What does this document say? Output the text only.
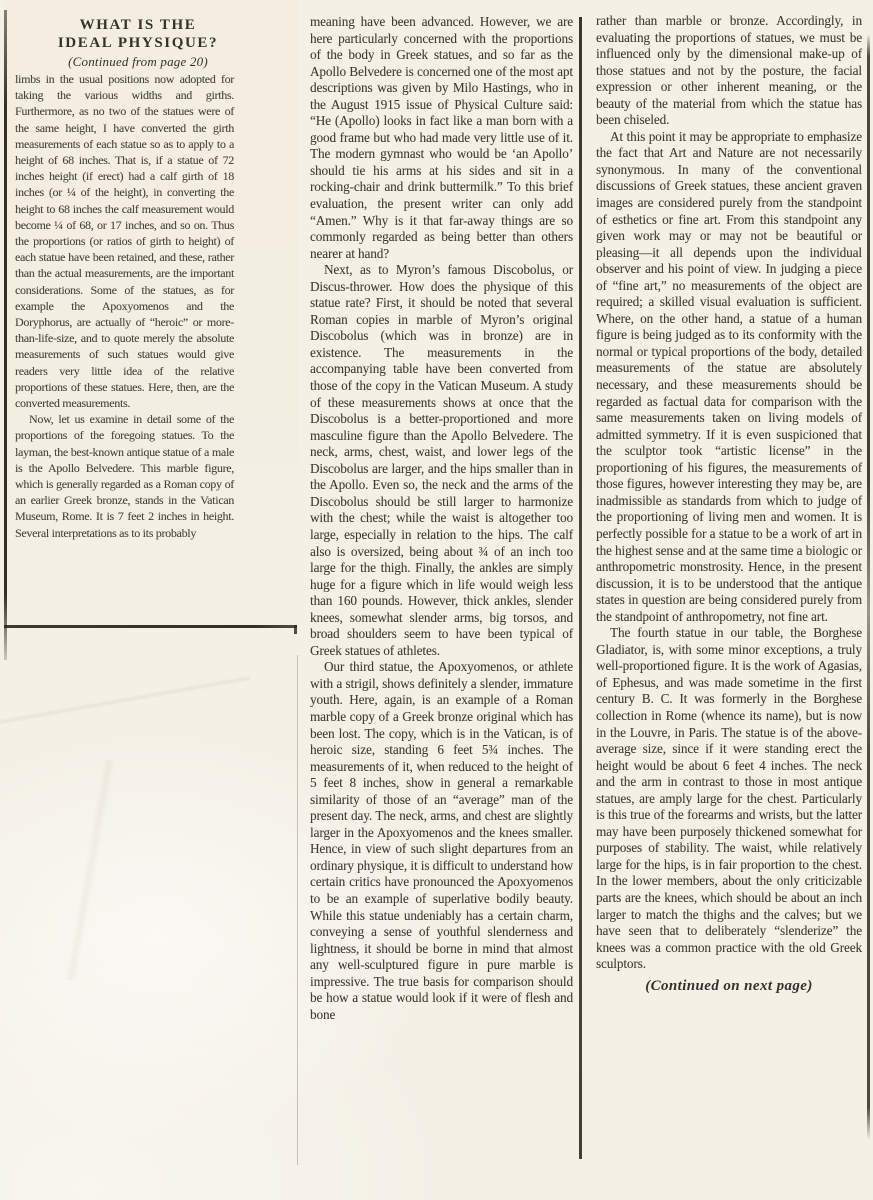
WHAT IS THE
IDEAL PHYSIQUE?
(Continued from page 20)

limbs in the usual positions now adopted for taking the various widths and girths. Furthermore, as no two of the statues were of the same height, I have converted the girth measurements of each statue so as to apply to a height of 68 inches. That is, if a statue of 72 inches height (if erect) had a calf girth of 18 inches (or ¼ of the height), in converting the height to 68 inches the calf measurement would become ¼ of 68, or 17 inches, and so on. Thus the proportions (or ratios of girth to height) of each statue have been retained, and these, rather than the actual measurements, are the important considerations. Some of the statues, as for example the Apoxyomenos and the Doryphorus, are actually of “heroic” or more-than-life-size, and to quote merely the absolute measurements of such statues would give readers very little idea of the relative proportions of these statues. Here, then, are the converted measurements.

Now, let us examine in detail some of the proportions of the foregoing statues. To the layman, the best-known antique statue of a male is the Apollo Belvedere. This marble figure, which is generally regarded as a Roman copy of an earlier Greek bronze, stands in the Vatican Museum, Rome. It is 7 feet 2 inches in height. Several interpretations as to its probably

meaning have been advanced. However, we are here particularly concerned with the proportions of the body in Greek statues, and so far as the Apollo Belvedere is concerned one of the most apt descriptions was given by Milo Hastings, who in the August 1915 issue of Physical Culture said: “He (Apollo) looks in fact like a man born with a good frame but who had made very little use of it. The modern gymnast who would be ‘an Apollo’ should tie his arms at his sides and sit in a rocking-chair and drink buttermilk.” To this brief evaluation, the present writer can only add “Amen.” Why is it that far-away things are so commonly regarded as being better than others nearer at hand?

Next, as to Myron’s famous Discobolus, or Discus-thrower. How does the physique of this statue rate? First, it should be noted that several Roman copies in marble of Myron’s original Discobolus (which was in bronze) are in existence. The measurements in the accompanying table have been converted from those of the copy in the Vatican Museum. A study of these measurements shows at once that the Discobolus is a better-proportioned and more masculine figure than the Apollo Belvedere. The neck, arms, chest, waist, and lower legs of the Discobolus are larger, and the hips smaller than in the Apollo. Even so, the neck and the arms of the Discobolus should be still larger to harmonize with the chest; while the waist is altogether too large, especially in relation to the hips. The calf also is oversized, being about ¾ of an inch too large for the thigh. Finally, the ankles are simply huge for a figure which in life would weigh less than 160 pounds. However, thick ankles, slender knees, somewhat slender arms, big torsos, and broad shoulders seem to have been typical of Greek statues of athletes.

Our third statue, the Apoxyomenos, or athlete with a strigil, shows definitely a slender, immature youth. Here, again, is an example of a Roman marble copy of a Greek bronze original which has been lost. The copy, which is in the Vatican, is of heroic size, standing 6 feet 5¾ inches. The measurements of it, when reduced to the height of 5 feet 8 inches, show in general a remarkable similarity of those of an “average” man of the present day. The neck, arms, and chest are slightly larger in the Apoxyomenos and the knees smaller. Hence, in view of such slight departures from an ordinary physique, it is difficult to understand how certain critics have pronounced the Apoxyomenos to be an example of superlative bodily beauty. While this statue undeniably has a certain charm, conveying a sense of youthful slenderness and lightness, it should be borne in mind that almost any well-sculptured figure in pure marble is impressive. The true basis for comparison should be how a statue would look if it were of flesh and bone

rather than marble or bronze. Accordingly, in evaluating the proportions of statues, we must be influenced only by the dimensional make-up of those statues and not by the posture, the facial expression or other inherent meaning, or the beauty of the material from which the statue has been chiseled.

At this point it may be appropriate to emphasize the fact that Art and Nature are not necessarily synonymous. In many of the conventional discussions of Greek statues, these ancient graven images are considered purely from the standpoint of esthetics or fine art. From this standpoint any given work may or may not be beautiful or pleasing—it all depends upon the individual observer and his point of view. In judging a piece of “fine art,” no measurements of the object are required; a skilled visual evaluation is sufficient. Where, on the other hand, a statue of a human figure is being judged as to its conformity with the normal or typical proportions of the body, detailed measurements of the statue are absolutely necessary, and these measurements should be regarded as factual data for comparison with the same measurements taken on living models of admitted symmetry. If it is even suspicioned that the sculptor took “artistic license” in the proportioning of his figures, the measurements of those figures, however interesting they may be, are inadmissible as standards from which to judge of the proportioning of living men and women. It is perfectly possible for a statue to be a work of art in the highest sense and at the same time a biologic or anthropometric monstrosity. Hence, in the present discussion, it is to be understood that the antique states in question are being considered purely from the standpoint of anthropometry, not fine art.

The fourth statue in our table, the Borghese Gladiator, is, with some minor exceptions, a truly well-proportioned figure. It is the work of Agasias, of Ephesus, and was made sometime in the first century B. C. It was formerly in the Borghese collection in Rome (whence its name), but is now in the Louvre, in Paris. The statue is of the above-average size, since if it were standing erect the height would be about 6 feet 4 inches. The neck and the arm in contrast to those in most antique statues, are amply large for the chest. Particularly is this true of the forearms and wrists, but the latter may have been purposely thickened somewhat for purposes of stability. The waist, while relatively large for the hips, is in fair proportion to the chest. In the lower members, about the only criticizable parts are the knees, which should be about an inch larger to match the thighs and the calves; but we have seen that to deliberately “slenderize” the knees was a common practice with the old Greek sculptors.

(Continued on next page)
